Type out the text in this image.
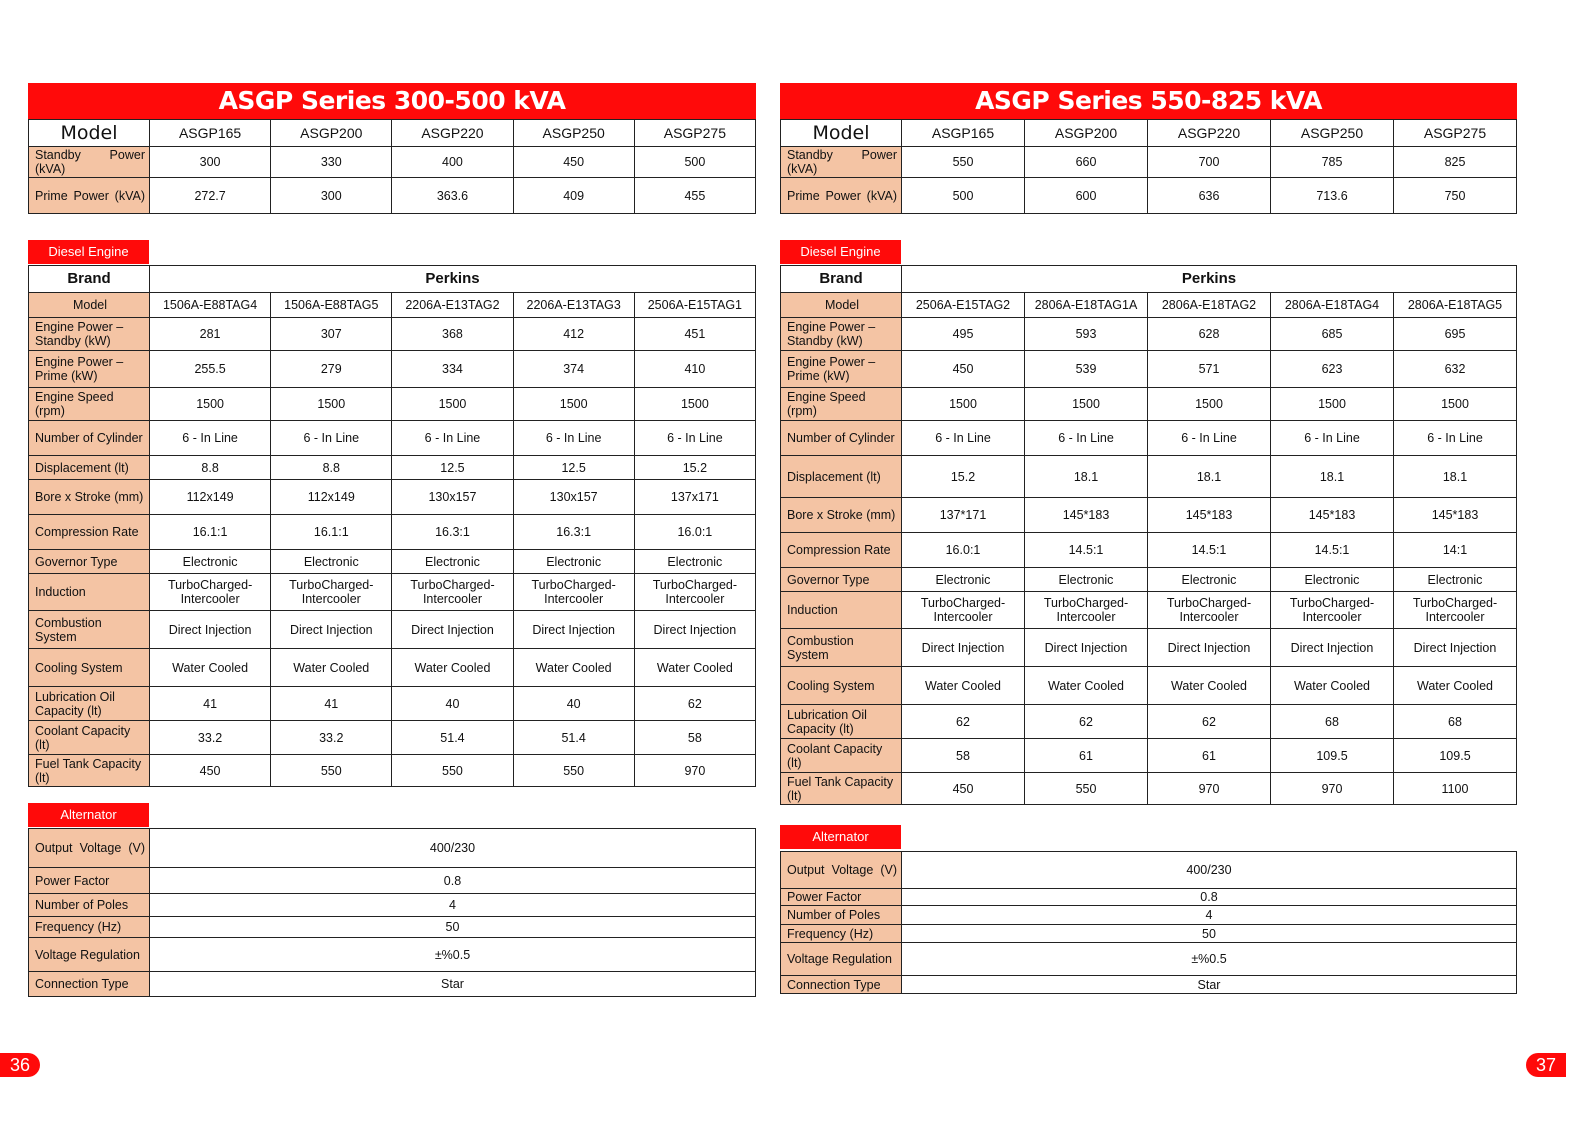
ASGP Series 300-500 kVA
Model	ASGP165	ASGP200	ASGP220	ASGP250	ASGP275
Standby Power (kVA)	300	330	400	450	500
Prime Power (kVA)	272.7	300	363.6	409	455
Diesel Engine
Brand	Perkins				
Model	1506A-E88TAG4	1506A-E88TAG5	2206A-E13TAG2	2206A-E13TAG3	2506A-E15TAG1
Engine Power – Standby (kW)	281	307	368	412	451
Engine Power – Prime (kW)	255.5	279	334	374	410
Engine Speed (rpm)	1500	1500	1500	1500	1500
Number of Cylinder	6 - In Line	6 - In Line	6 - In Line	6 - In Line	6 - In Line
Displacement (lt)	8.8	8.8	12.5	12.5	15.2
Bore x Stroke (mm)	112x149	112x149	130x157	130x157	137x171
Compression Rate	16.1:1	16.1:1	16.3:1	16.3:1	16.0:1
Governor Type	Electronic	Electronic	Electronic	Electronic	Electronic
Induction	TurboCharged-Intercooler	TurboCharged-Intercooler	TurboCharged-Intercooler	TurboCharged-Intercooler	TurboCharged-Intercooler
Combustion System	Direct Injection	Direct Injection	Direct Injection	Direct Injection	Direct Injection
Cooling System	Water Cooled	Water Cooled	Water Cooled	Water Cooled	Water Cooled
Lubrication Oil Capacity (lt)	41	41	40	40	62
Coolant Capacity (lt)	33.2	33.2	51.4	51.4	58
Fuel Tank Capacity (lt)	450	550	550	550	970
Alternator
Output Voltage (V)	400/230
Power Factor	0.8
Number of Poles	4
Frequency (Hz)	50
Voltage Regulation	±%0.5
Connection Type	Star
ASGP Series 550-825 kVA
Model	ASGP165	ASGP200	ASGP220	ASGP250	ASGP275
Standby Power (kVA)	550	660	700	785	825
Prime Power (kVA)	500	600	636	713.6	750
Diesel Engine
Brand	Perkins				
Model	2506A-E15TAG2	2806A-E18TAG1A	2806A-E18TAG2	2806A-E18TAG4	2806A-E18TAG5
Engine Power – Standby (kW)	495	593	628	685	695
Engine Power – Prime (kW)	450	539	571	623	632
Engine Speed (rpm)	1500	1500	1500	1500	1500
Number of Cylinder	6 - In Line	6 - In Line	6 - In Line	6 - In Line	6 - In Line
Displacement (lt)	15.2	18.1	18.1	18.1	18.1
Bore x Stroke (mm)	137*171	145*183	145*183	145*183	145*183
Compression Rate	16.0:1	14.5:1	14.5:1	14.5:1	14:1
Governor Type	Electronic	Electronic	Electronic	Electronic	Electronic
Induction	TurboCharged-Intercooler	TurboCharged-Intercooler	TurboCharged-Intercooler	TurboCharged-Intercooler	TurboCharged-Intercooler
Combustion System	Direct Injection	Direct Injection	Direct Injection	Direct Injection	Direct Injection
Cooling System	Water Cooled	Water Cooled	Water Cooled	Water Cooled	Water Cooled
Lubrication Oil Capacity (lt)	62	62	62	68	68
Coolant Capacity (lt)	58	61	61	109.5	109.5
Fuel Tank Capacity (lt)	450	550	970	970	1100
Alternator
Output Voltage (V)	400/230
Power Factor	0.8
Number of Poles	4
Frequency (Hz)	50
Voltage Regulation	±%0.5
Connection Type	Star
36	37
